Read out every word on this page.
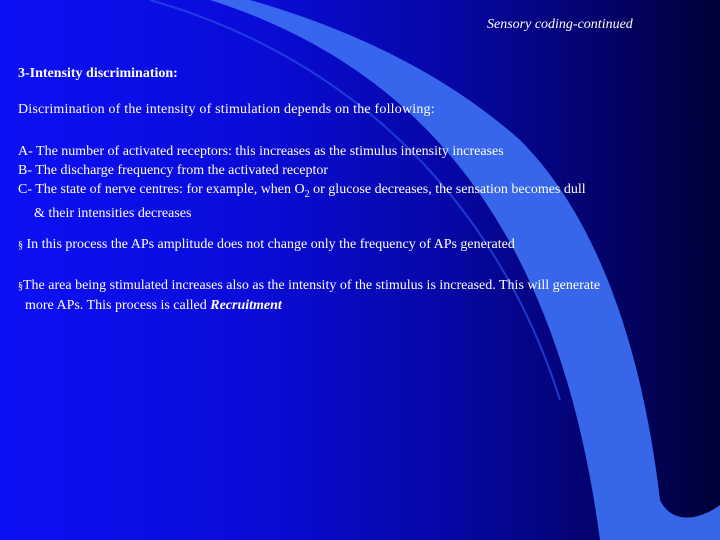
Sensory coding-continued
3-Intensity discrimination:
Discrimination of the intensity of stimulation depends on the following:
A- The number of activated receptors: this increases as the stimulus intensity increases
B- The discharge frequency from the activated receptor
C- The state of nerve centres: for example, when $O_2$ or glucose decreases, the sensation becomes dull
& their intensities decreases
§ In this process the APs amplitude does not change only the frequency of APs generated
§The area being stimulated increases also as the intensity of the stimulus is increased. This will generate
more APs. This process is called Recruitment
